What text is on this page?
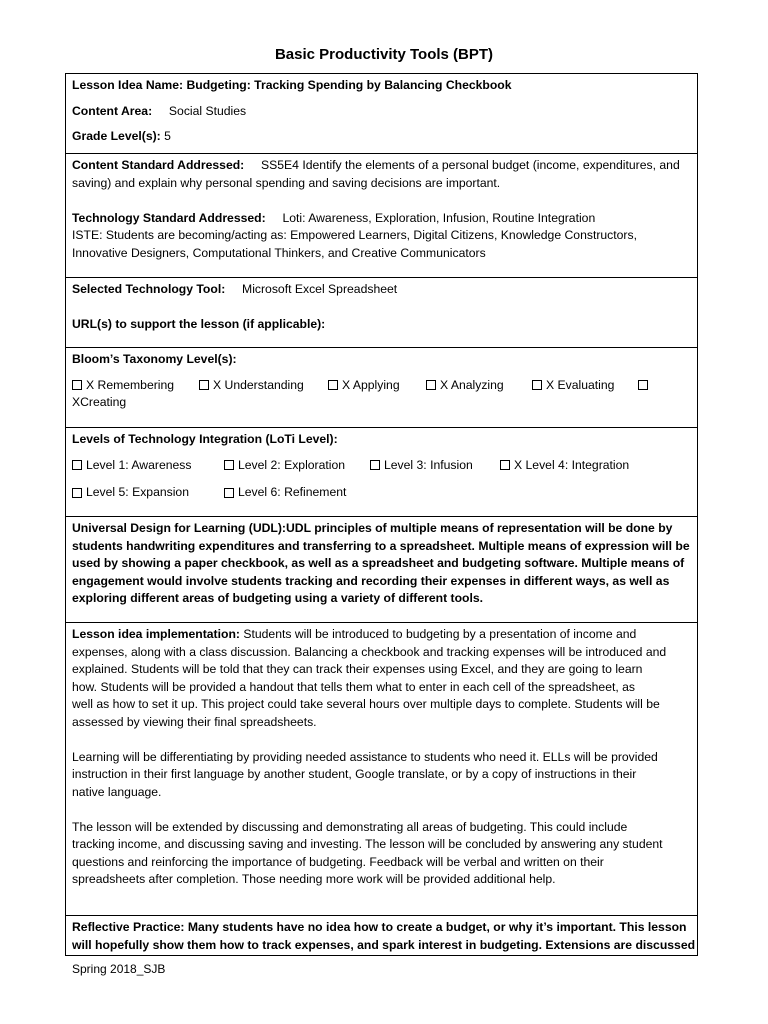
Basic Productivity Tools (BPT)
Lesson Idea Name: Budgeting: Tracking Spending by Balancing Checkbook
Content Area: Social Studies
Grade Level(s): 5
Content Standard Addressed: SS5E4 Identify the elements of a personal budget (income, expenditures, and
saving) and explain why personal spending and saving decisions are important.
Technology Standard Addressed: Loti: Awareness, Exploration, Infusion, Routine Integration
ISTE: Students are becoming/acting as: Empowered Learners, Digital Citizens, Knowledge Constructors,
Innovative Designers, Computational Thinkers, and Creative Communicators
Selected Technology Tool: Microsoft Excel Spreadsheet
URL(s) to support the lesson (if applicable):
Bloom’s Taxonomy Level(s):
X Remembering	X Understanding	X Applying	X Analyzing	X Evaluating
XCreating
Levels of Technology Integration (LoTi Level):
Level 1: Awareness	Level 2: Exploration	Level 3: Infusion	X Level 4: Integration
Level 5: Expansion	Level 6: Refinement
Universal Design for Learning (UDL):UDL principles of multiple means of representation will be done by
students handwriting expenditures and transferring to a spreadsheet. Multiple means of expression will be
used by showing a paper checkbook, as well as a spreadsheet and budgeting software. Multiple means of
engagement would involve students tracking and recording their expenses in different ways, as well as
exploring different areas of budgeting using a variety of different tools.
Lesson idea implementation: Students will be introduced to budgeting by a presentation of income and
expenses, along with a class discussion. Balancing a checkbook and tracking expenses will be introduced and
explained. Students will be told that they can track their expenses using Excel, and they are going to learn
how. Students will be provided a handout that tells them what to enter in each cell of the spreadsheet, as
well as how to set it up. This project could take several hours over multiple days to complete. Students will be
assessed by viewing their final spreadsheets.
Learning will be differentiating by providing needed assistance to students who need it. ELLs will be provided
instruction in their first language by another student, Google translate, or by a copy of instructions in their
native language.
The lesson will be extended by discussing and demonstrating all areas of budgeting. This could include
tracking income, and discussing saving and investing. The lesson will be concluded by answering any student
questions and reinforcing the importance of budgeting. Feedback will be verbal and written on their
spreadsheets after completion. Those needing more work will be provided additional help.
Reflective Practice: Many students have no idea how to create a budget, or why it’s important. This lesson
will hopefully show them how to track expenses, and spark interest in budgeting. Extensions are discussed
Spring 2018_SJB
